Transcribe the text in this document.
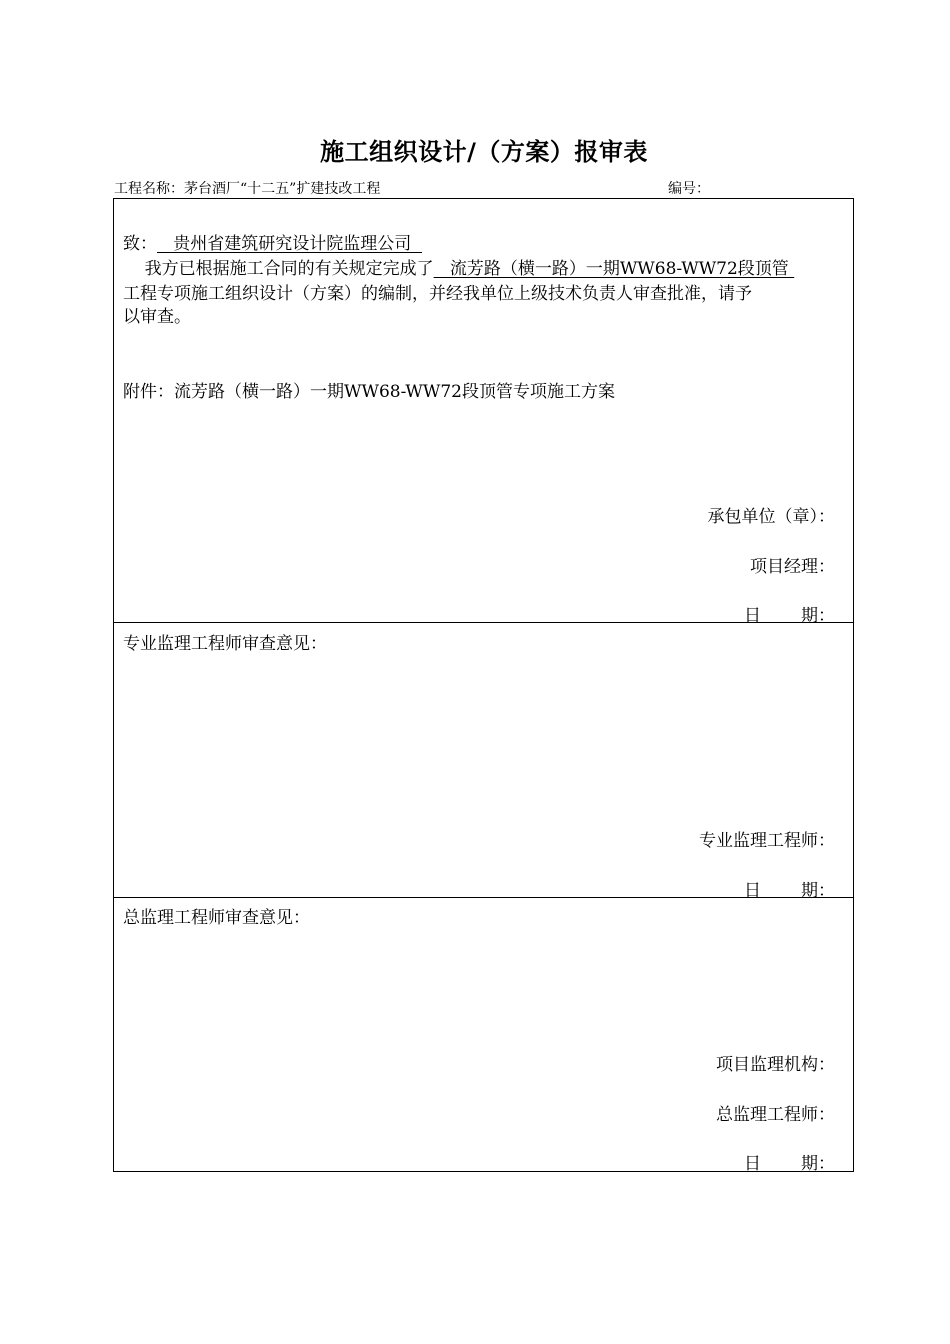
施工组织设计/（方案）报审表
工程名称：茅台酒厂“十二五”扩建技改工程	编号：
致：   贵州省建筑研究设计院监理公司
我方已根据施工合同的有关规定完成了   流芳路（横一路）一期WW68-WW72段顶管
工程专项施工组织设计（方案）的编制，并经我单位上级技术负责人审查批准，请予
以审查。
附件：流芳路（横一路）一期WW68-WW72段顶管专项施工方案
承包单位（章）：
项目经理：
日 期：
专业监理工程师审查意见：
专业监理工程师：
日 期：
总监理工程师审查意见：
项目监理机构：
总监理工程师：
日 期：
